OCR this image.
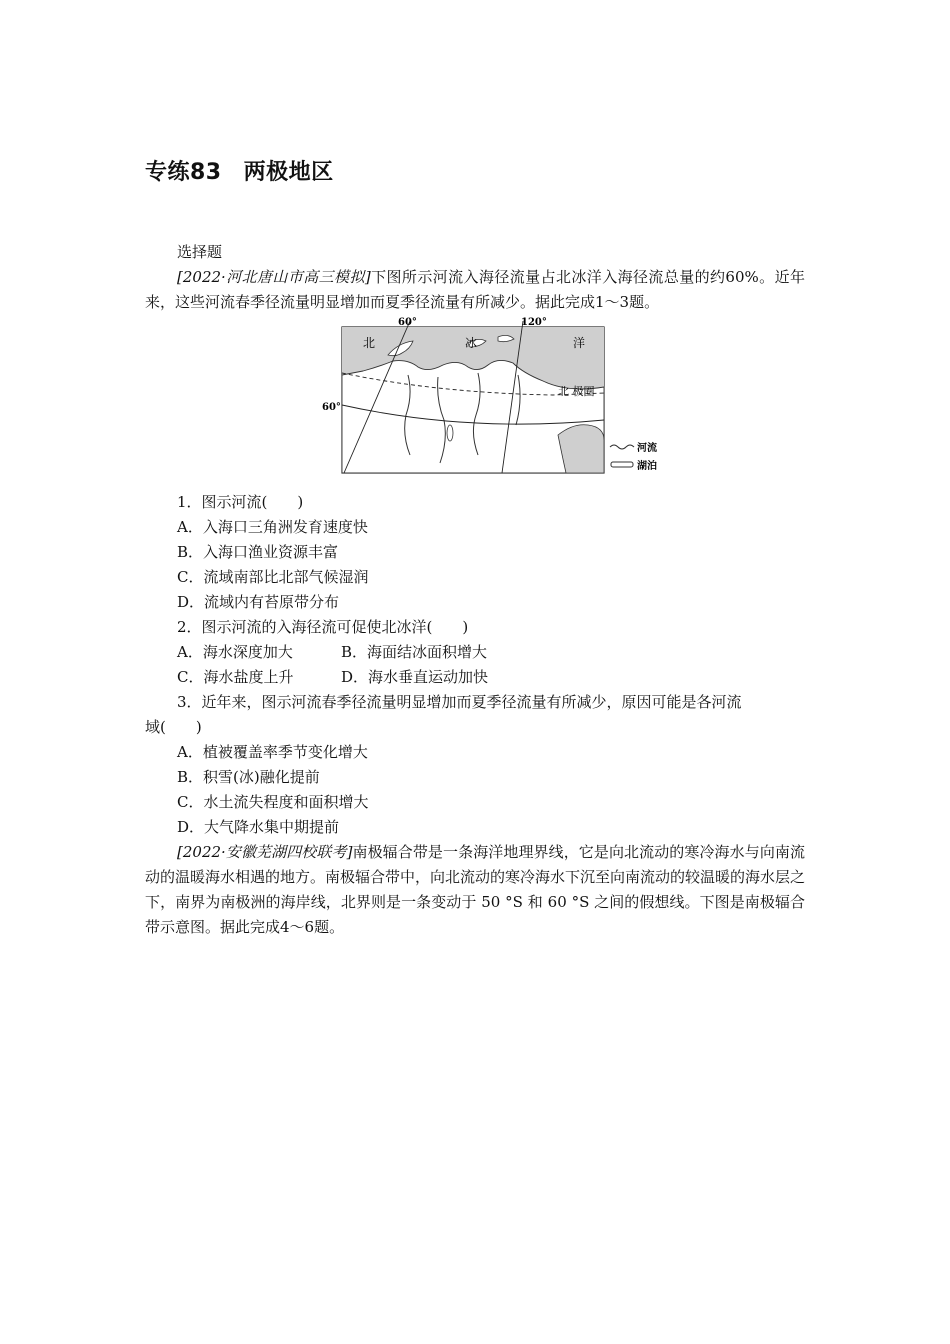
专练83 两极地区
选择题
[2022·河北唐山市高三模拟]下图所示河流入海径流量占北冰洋入海径流总量的约60%。近年来，这些河流春季径流量明显增加而夏季径流量有所减少。据此完成1～3题。
60°	120°
60°
北	冰	洋
北 极圈
河流
湖泊
1．图示河流(　　)
A．入海口三角洲发育速度快
B．入海口渔业资源丰富
C．流域南部比北部气候湿润
D．流域内有苔原带分布
2．图示河流的入海径流可促使北冰洋(　　)
A．海水深度加大	B．海面结冰面积增大
C．海水盐度上升	D．海水垂直运动加快
3．近年来，图示河流春季径流量明显增加而夏季径流量有所减少，原因可能是各河流
域(　　)
A．植被覆盖率季节变化增大
B．积雪(冰)融化提前
C．水土流失程度和面积增大
D．大气降水集中期提前
[2022·安徽芜湖四校联考]南极辐合带是一条海洋地理界线，它是向北流动的寒冷海水与向南流动的温暖海水相遇的地方。南极辐合带中，向北流动的寒冷海水下沉至向南流动的较温暖的海水层之下，南界为南极洲的海岸线，北界则是一条变动于 50 °S 和 60 °S 之间的假想线。下图是南极辐合带示意图。据此完成4～6题。
